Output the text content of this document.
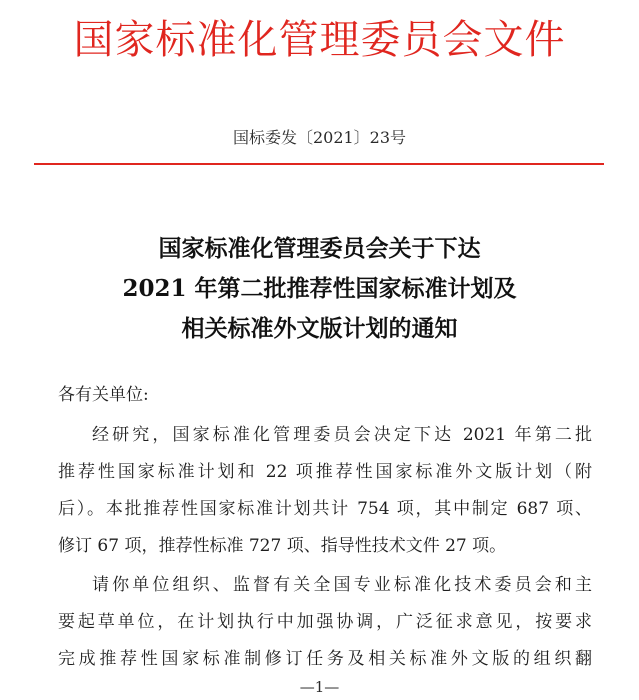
国家标准化管理委员会文件
国标委发〔2021〕23号
国家标准化管理委员会关于下达
2021 年第二批推荐性国家标准计划及
相关标准外文版计划的通知
各有关单位:
经研究，国家标准化管理委员会决定下达 2021 年第二批
推荐性国家标准计划和 22 项推荐性国家标准外文版计划（附
后）。本批推荐性国家标准计划共计 754 项，其中制定 687 项、
修订 67 项，推荐性标准 727 项、指导性技术文件 27 项。
请你单位组织、监督有关全国专业标准化技术委员会和主
要起草单位，在计划执行中加强协调，广泛征求意见，按要求
完成推荐性国家标准制修订任务及相关标准外文版的组织翻
—1—
